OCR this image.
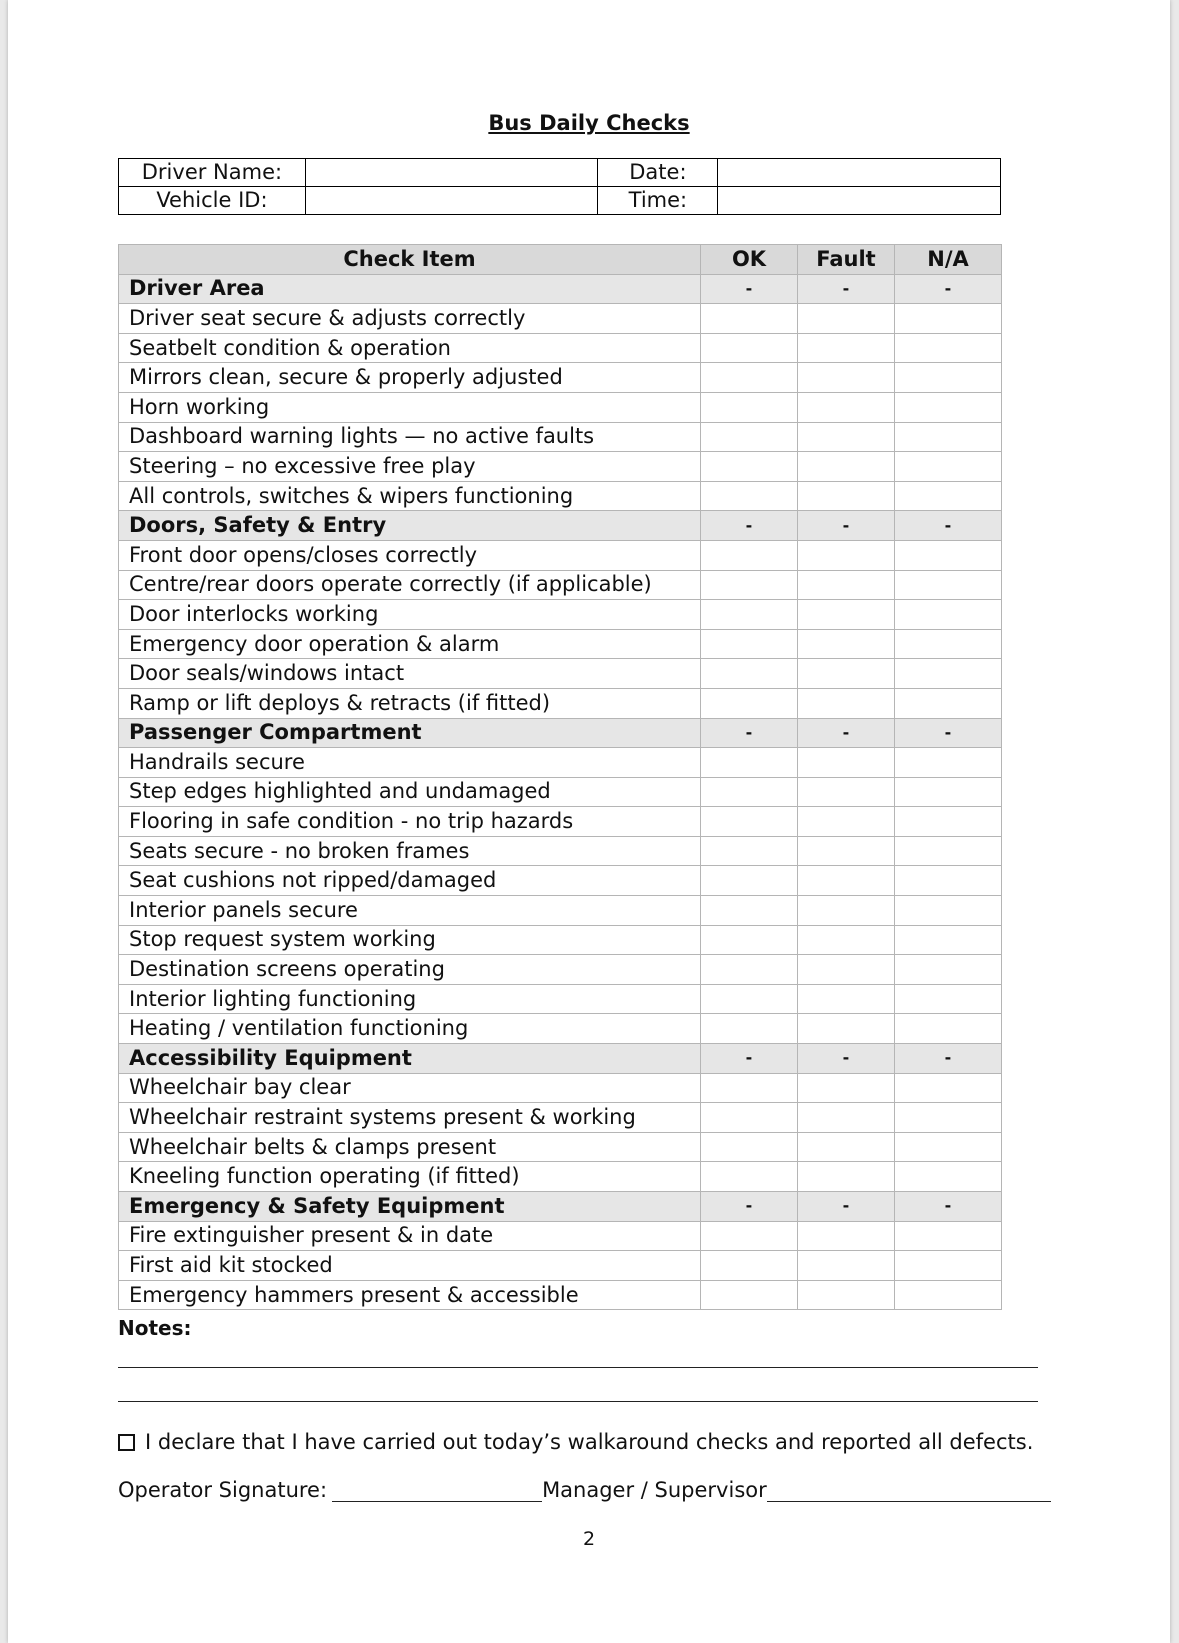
Bus Daily Checks
Driver Name:		Date:	
Vehicle ID:		Time:	
Check Item	OK	Fault	N/A
Driver Area	-	-	-
Driver seat secure & adjusts correctly			
Seatbelt condition & operation			
Mirrors clean, secure & properly adjusted			
Horn working			
Dashboard warning lights — no active faults			
Steering – no excessive free play			
All controls, switches & wipers functioning			
Doors, Safety & Entry	-	-	-
Front door opens/closes correctly			
Centre/rear doors operate correctly (if applicable)			
Door interlocks working			
Emergency door operation & alarm			
Door seals/windows intact			
Ramp or lift deploys & retracts (if fitted)			
Passenger Compartment	-	-	-
Handrails secure			
Step edges highlighted and undamaged			
Flooring in safe condition - no trip hazards			
Seats secure - no broken frames			
Seat cushions not ripped/damaged			
Interior panels secure			
Stop request system working			
Destination screens operating			
Interior lighting functioning			
Heating / ventilation functioning			
Accessibility Equipment	-	-	-
Wheelchair bay clear			
Wheelchair restraint systems present & working			
Wheelchair belts & clamps present			
Kneeling function operating (if fitted)			
Emergency & Safety Equipment	-	-	-
Fire extinguisher present & in date			
First aid kit stocked			
Emergency hammers present & accessible			
Notes:
I declare that I have carried out today’s walkaround checks and reported all defects.
Operator Signature:	Manager / Supervisor
2
